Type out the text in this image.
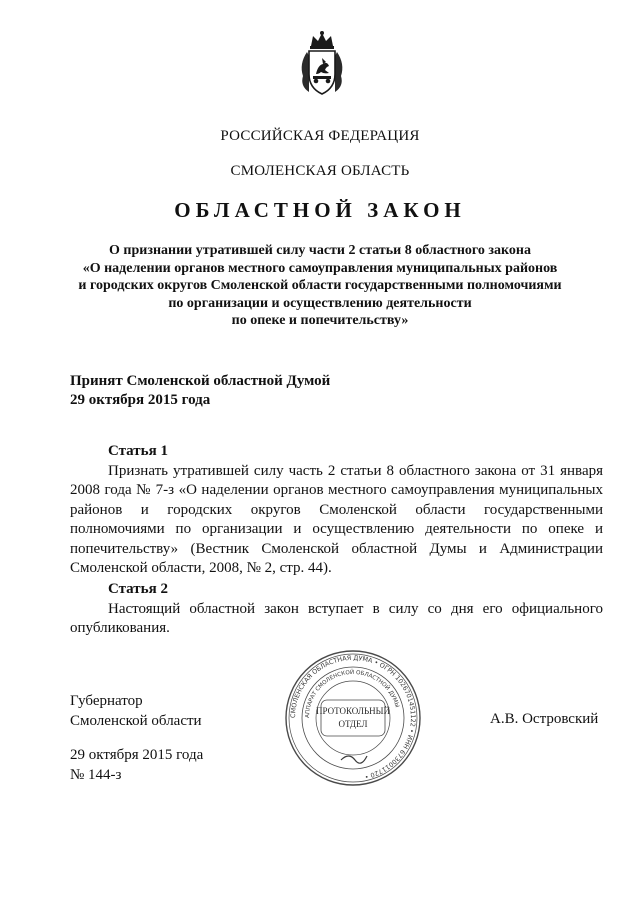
РОССИЙСКАЯ ФЕДЕРАЦИЯ
СМОЛЕНСКАЯ ОБЛАСТЬ
ОБЛАСТНОЙ ЗАКОН
О признании утратившей силу части 2 статьи 8 областного закона
«О наделении органов местного самоуправления муниципальных районов
и городских округов Смоленской области государственными полномочиями
по организации и осуществлению деятельности
по опеке и попечительству»
Принят Смоленской областной Думой
29 октября 2015 года
Статья 1

Признать утратившей силу часть 2 статьи 8 областного закона от 31 января 2008 года № 7-з «О наделении органов местного самоуправления муниципальных районов и городских округов Смоленской области государственными полномочиями по организации и осуществлению деятельности по опеке и попечительству» (Вестник Смоленской областной Думы и Администрации Смоленской области, 2008, № 2, стр. 44).

Статья 2

Настоящий областной закон вступает в силу со дня его официального опубликования.

Губернатор
Смоленской области	СМОЛЕНСКАЯ ОБЛАСТНАЯ ДУМА • ОГРН 1026701451122 • ИНН 6730011720 •
АППАРАТ СМОЛЕНСКОЙ ОБЛАСТНОЙ ДУМЫ
ПРОТОКОЛЬНЫЙ
ОТДЕЛ	А.В. Островский
29 октября 2015 года
№ 144-з
